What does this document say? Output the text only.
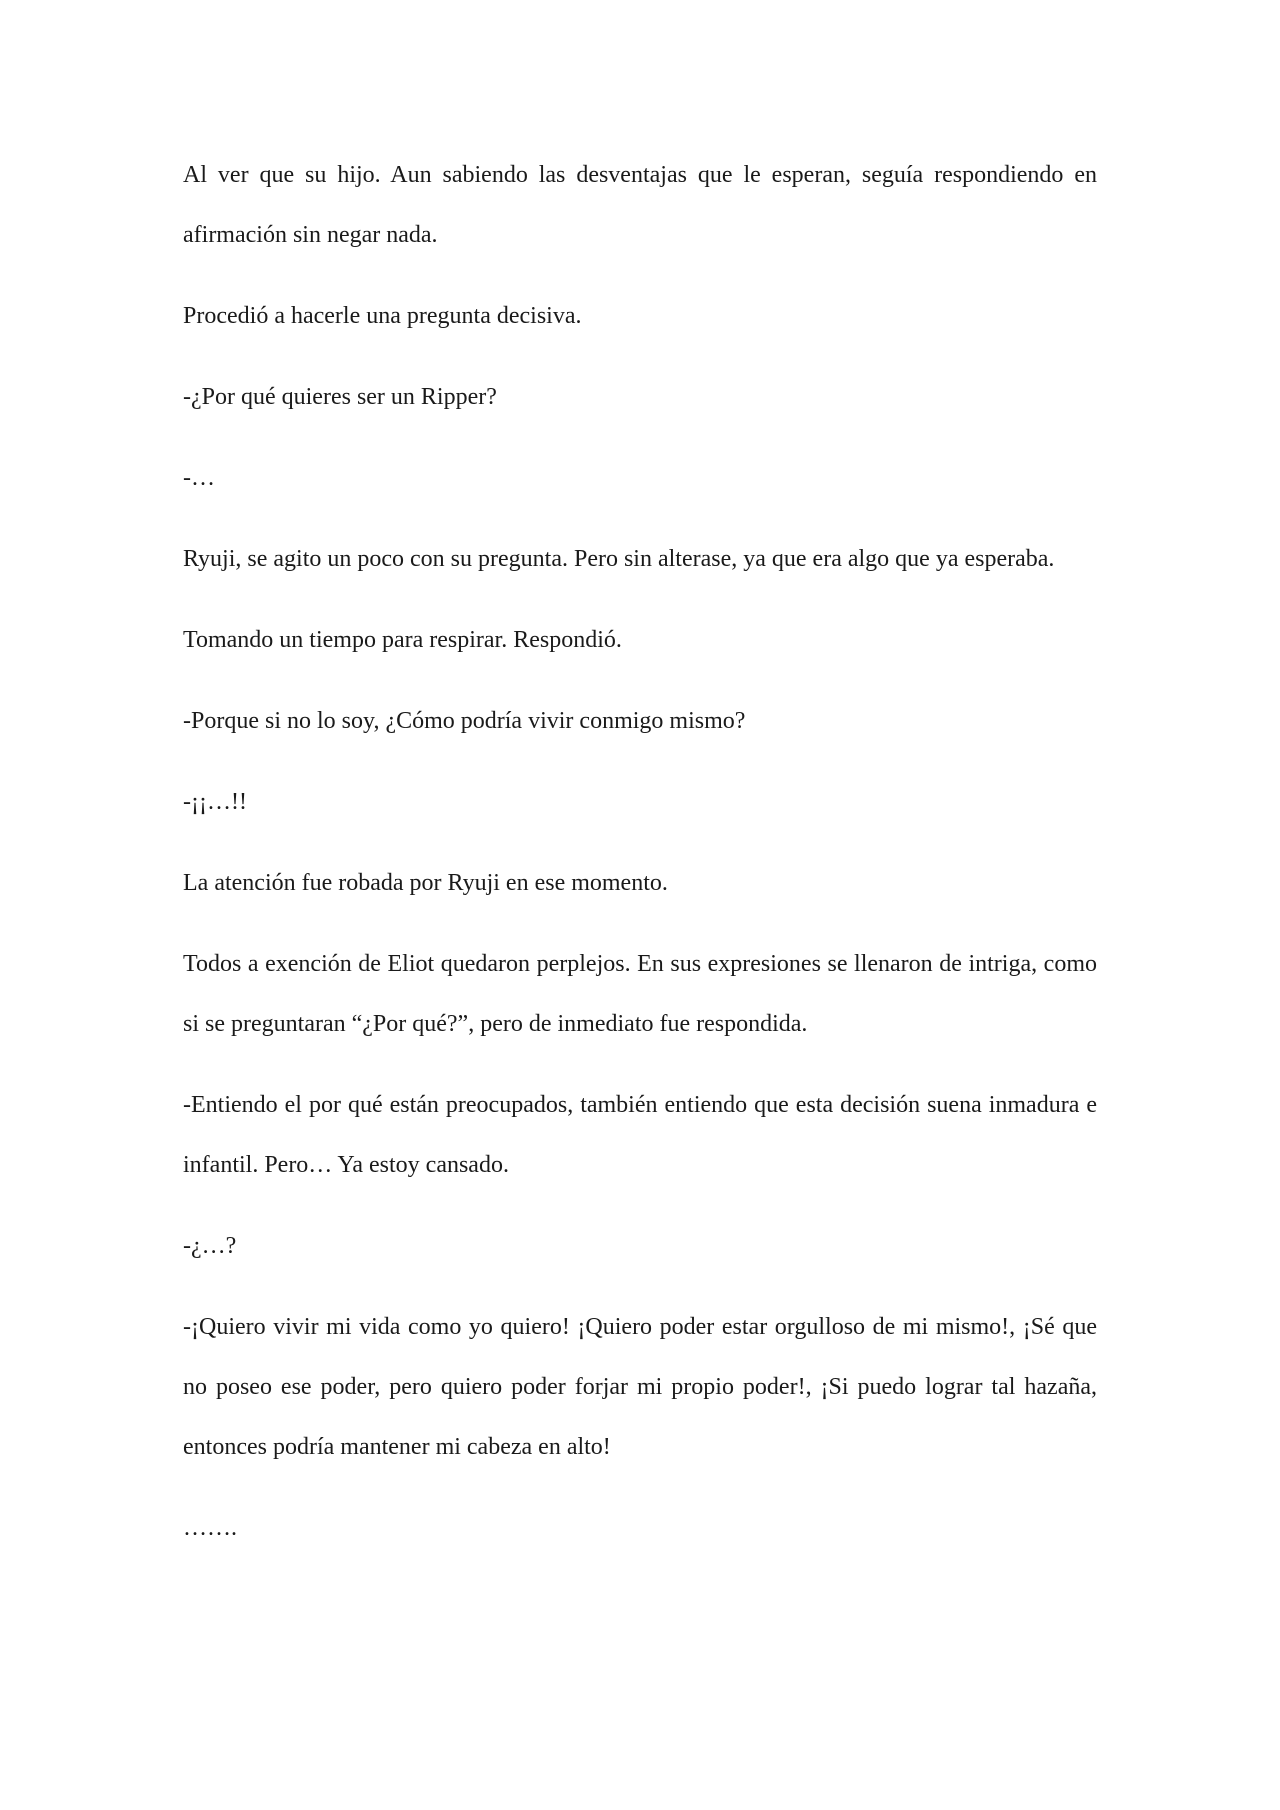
Al ver que su hijo. Aun sabiendo las desventajas que le esperan, seguía respondiendo en afirmación sin negar nada.

Procedió a hacerle una pregunta decisiva.

-¿Por qué quieres ser un Ripper?

-…

Ryuji, se agito un poco con su pregunta. Pero sin alterase, ya que era algo que ya esperaba.

Tomando un tiempo para respirar. Respondió.

-Porque si no lo soy, ¿Cómo podría vivir conmigo mismo?

-¡¡…!!

La atención fue robada por Ryuji en ese momento.

Todos a exención de Eliot quedaron perplejos. En sus expresiones se llenaron de intriga, como si se preguntaran “¿Por qué?”, pero de inmediato fue respondida.

-Entiendo el por qué están preocupados, también entiendo que esta decisión suena inmadura e infantil. Pero… Ya estoy cansado.

-¿…?

-¡Quiero vivir mi vida como yo quiero! ¡Quiero poder estar orgulloso de mi mismo!, ¡Sé que no poseo ese poder, pero quiero poder forjar mi propio poder!, ¡Si puedo lograr tal hazaña, entonces podría mantener mi cabeza en alto!

…….
